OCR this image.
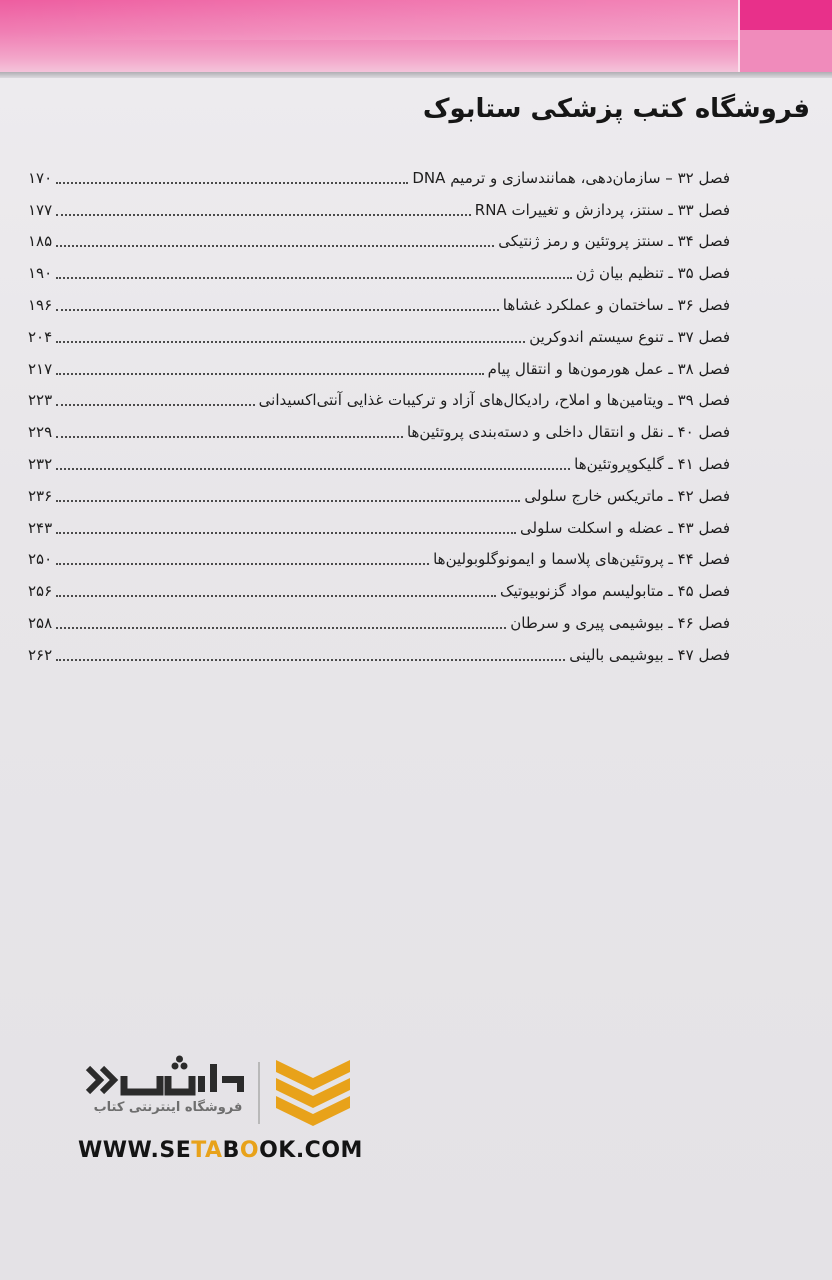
فروشگاه کتب پزشکی ستابوک
فصل ۳۲ – سازمان‌دهی، همانندسازی و ترمیم DNA
۱۷۰
فصل ۳۳ ـ سنتز، پردازش و تغییرات RNA
۱۷۷
فصل ۳۴ ـ سنتز پروتئین و رمز ژنتیکی
۱۸۵
فصل ۳۵ ـ تنظیم بیان ژن
۱۹۰
فصل ۳۶ ـ ساختمان و عملکرد غشاها
۱۹۶
فصل ۳۷ ـ تنوع سیستم اندوکرین
۲۰۴
فصل ۳۸ ـ عمل هورمون‌ها و انتقال پیام
۲۱۷
فصل ۳۹ ـ ویتامین‌ها و املاح، رادیکال‌های آزاد و ترکیبات غذایی آنتی‌اکسیدانی
۲۲۳
فصل ۴۰ ـ نقل و انتقال داخلی و دسته‌بندی پروتئین‌ها
۲۲۹
فصل ۴۱ ـ گلیکوپروتئین‌ها
۲۳۲
فصل ۴۲ ـ ماتریکس خارج سلولی
۲۳۶
فصل ۴۳ ـ عضله و اسکلت سلولی
۲۴۳
فصل ۴۴ ـ پروتئین‌های پلاسما و ایمونوگلوبولین‌ها
۲۵۰
فصل ۴۵ ـ متابولیسم مواد گزنوبیوتیک
۲۵۶
فصل ۴۶ ـ بیوشیمی پیری و سرطان
۲۵۸
فصل ۴۷ ـ بیوشیمی بالینی
۲۶۲
فروشگاه اینترنتی کتاب
WWW.SETABOOK.COM
